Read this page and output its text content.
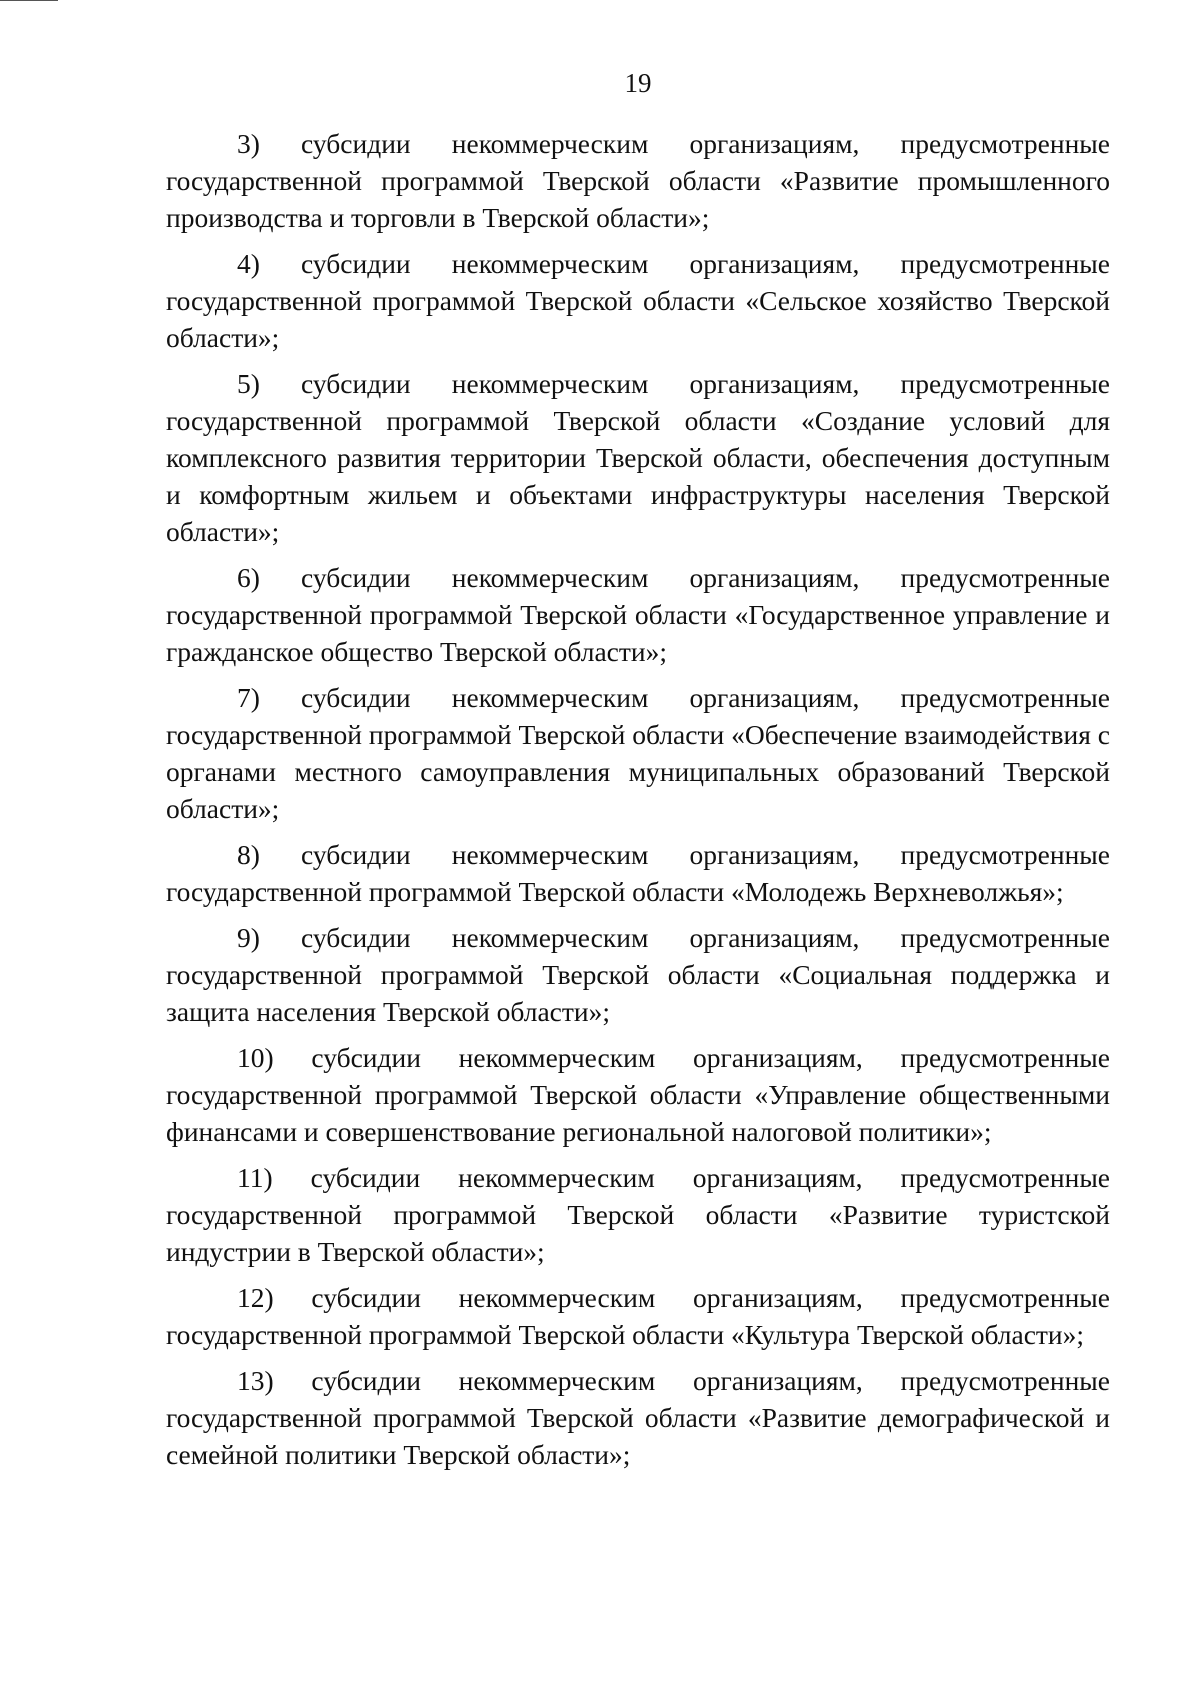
19

3) субсидии некоммерческим организациям, предусмотренные государственной программой Тверской области «Развитие промышленного производства и торговли в Тверской области»;

4) субсидии некоммерческим организациям, предусмотренные государственной программой Тверской области «Сельское хозяйство Тверской области»;

5) субсидии некоммерческим организациям, предусмотренные государственной программой Тверской области «Создание условий для комплексного развития территории Тверской области, обеспечения доступным и комфортным жильем и объектами инфраструктуры населения Тверской области»;

6) субсидии некоммерческим организациям, предусмотренные государственной программой Тверской области «Государственное управление и гражданское общество Тверской области»;

7) субсидии некоммерческим организациям, предусмотренные государственной программой Тверской области «Обеспечение взаимодействия с органами местного самоуправления муниципальных образований Тверской области»;

8) субсидии некоммерческим организациям, предусмотренные государственной программой Тверской области «Молодежь Верхневолжья»;

9) субсидии некоммерческим организациям, предусмотренные государственной программой Тверской области «Социальная поддержка и защита населения Тверской области»;

10) субсидии некоммерческим организациям, предусмотренные государственной программой Тверской области «Управление общественными финансами и совершенствование региональной налоговой политики»;

11) субсидии некоммерческим организациям, предусмотренные государственной программой Тверской области «Развитие туристской индустрии в Тверской области»;

12) субсидии некоммерческим организациям, предусмотренные государственной программой Тверской области «Культура Тверской области»;

13) субсидии некоммерческим организациям, предусмотренные государственной программой Тверской области «Развитие демографической и семейной политики Тверской области»;
